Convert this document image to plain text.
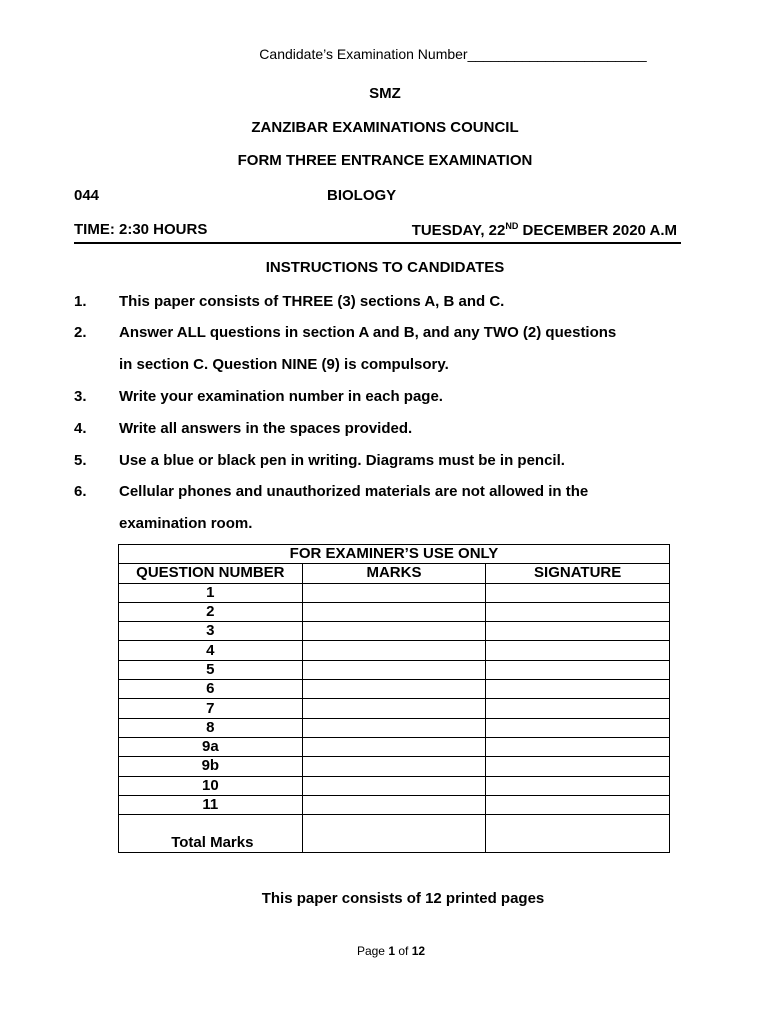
Candidate’s Examination Number_______________________
SMZ
ZANZIBAR EXAMINATIONS COUNCIL
FORM THREE ENTRANCE EXAMINATION
044	BIOLOGY
TIME: 2:30 HOURS	TUESDAY, 22ND DECEMBER 2020 A.M
INSTRUCTIONS TO CANDIDATES
1. This paper consists of THREE (3) sections A, B and C.
2. Answer ALL questions in section A and B, and any TWO (2) questions
in section C. Question NINE (9) is compulsory.
3. Write your examination number in each page.
4. Write all answers in the spaces provided.
5. Use a blue or black pen in writing. Diagrams must be in pencil.
6. Cellular phones and unauthorized materials are not allowed in the
examination room.
FOR EXAMINER’S USE ONLY		
QUESTION NUMBER	MARKS	SIGNATURE
1		
2		
3		
4		
5		
6		
7		
8		
9a		
9b		
10		
11		
Total Marks		
This paper consists of 12 printed pages
Page 1 of 12
